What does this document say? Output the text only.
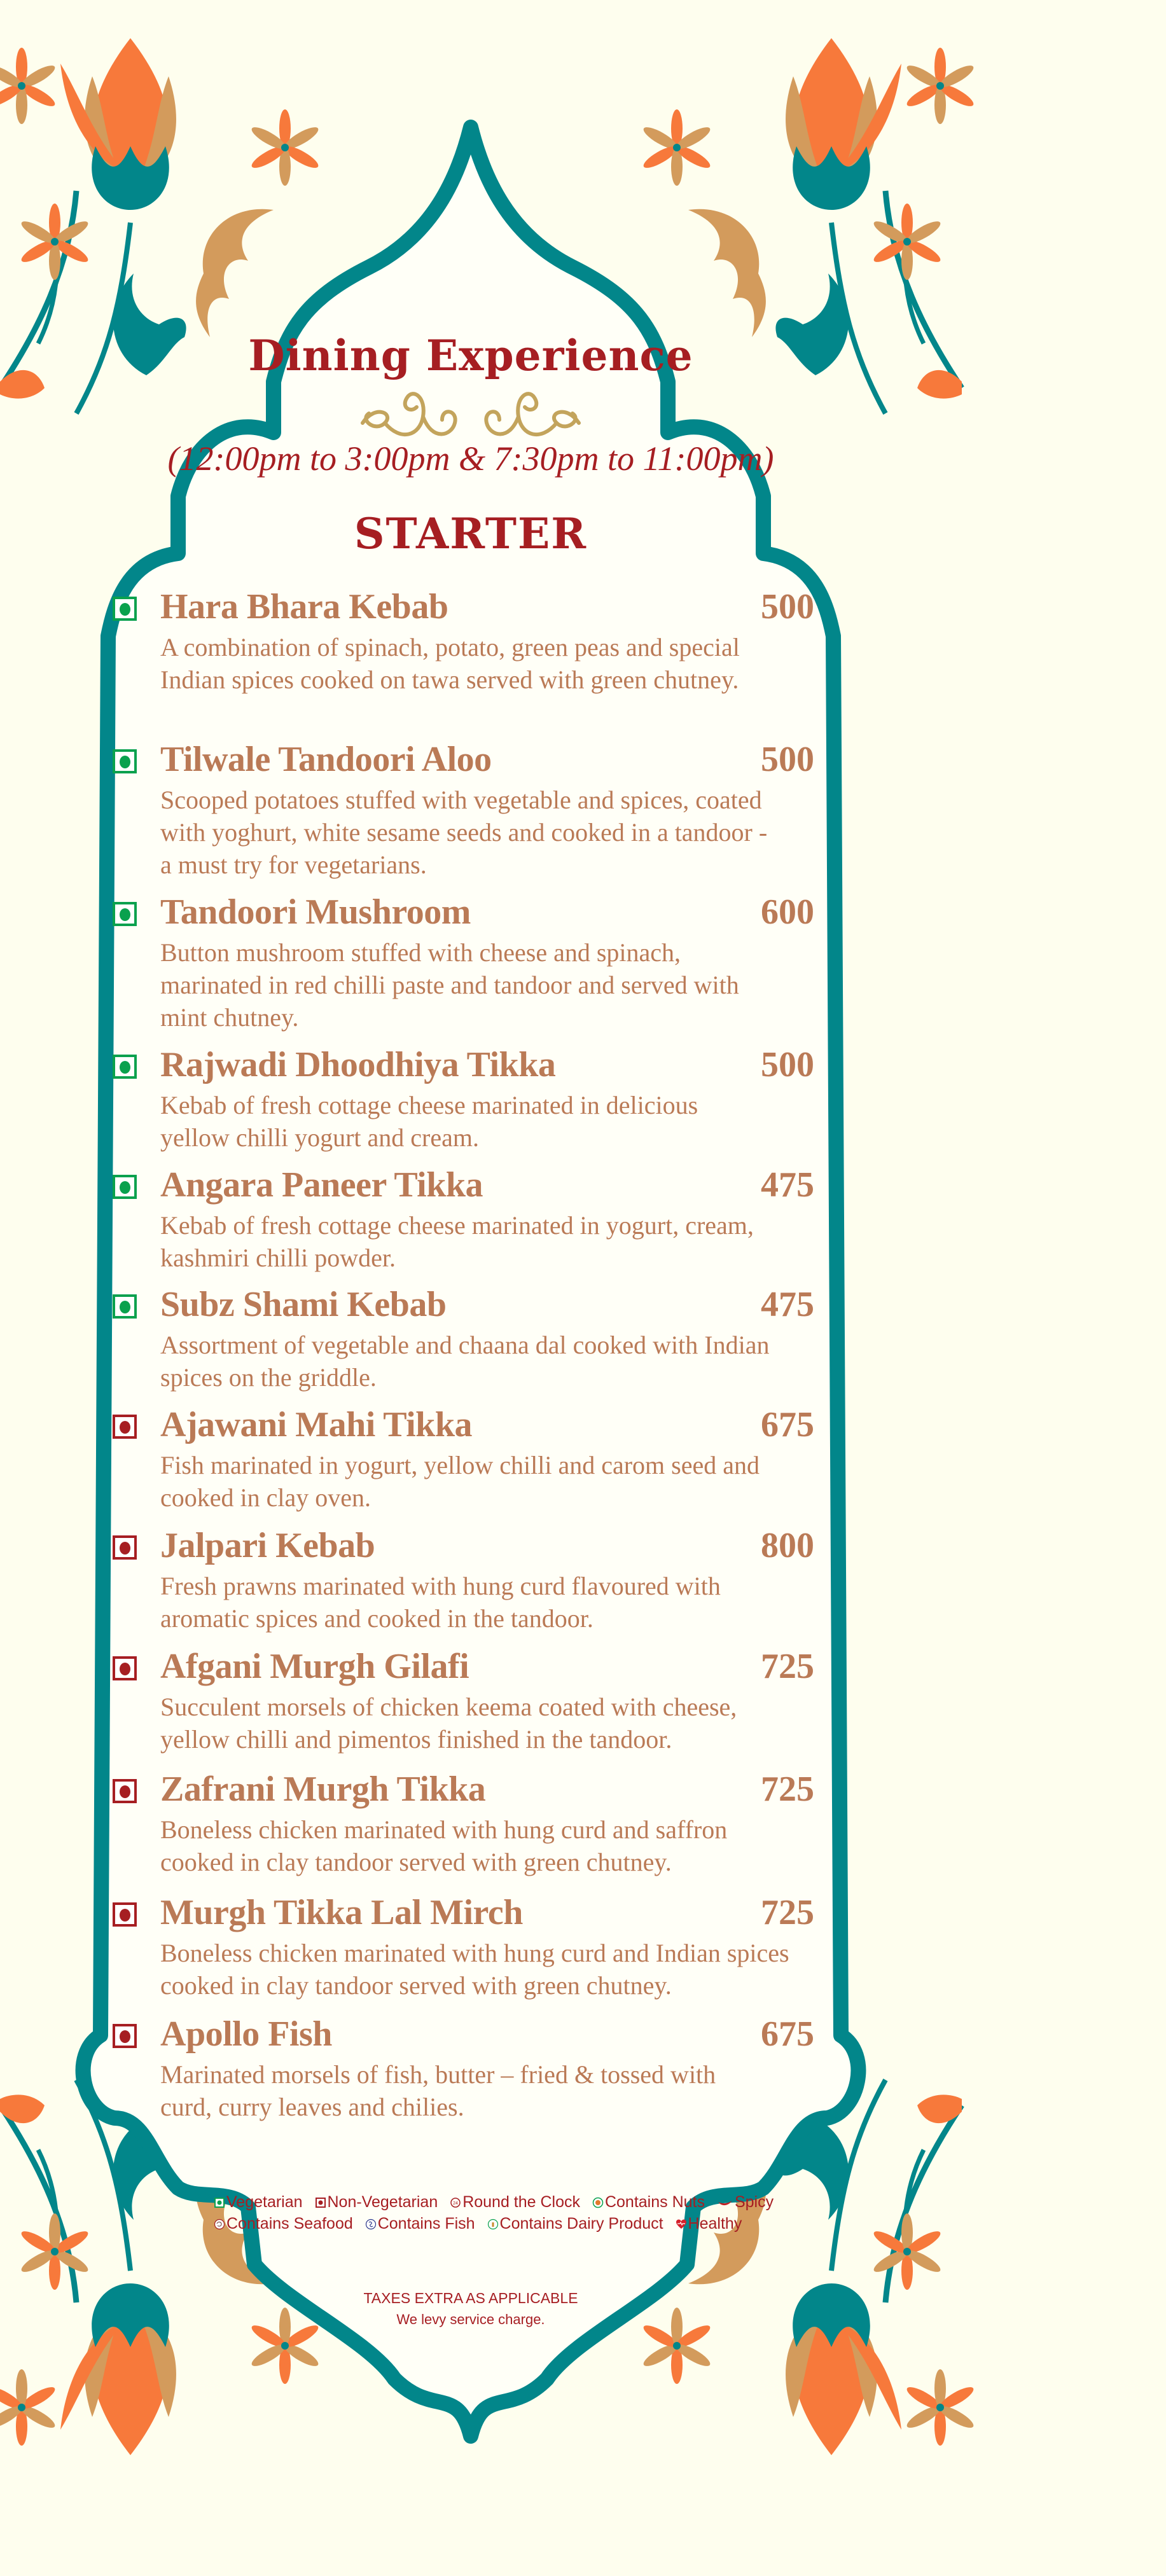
Dining Experience
(12:00pm to 3:00pm & 7:30pm to 11:00pm)
STARTER
Hara Bhara Kebab	500
A combination of spinach, potato, green peas and special Indian spices cooked on tawa served with green chutney.
Tilwale Tandoori Aloo	500
Scooped potatoes stuffed with vegetable and spices, coated with yoghurt, white sesame seeds and cooked in a tandoor - a must try for vegetarians.
Tandoori Mushroom	600
Button mushroom stuffed with cheese and spinach, marinated in red chilli paste and tandoor and served with mint chutney.
Rajwadi Dhoodhiya Tikka	500
Kebab of fresh cottage cheese marinated in delicious yellow chilli yogurt and cream.
Angara Paneer Tikka	475
Kebab of fresh cottage cheese marinated in yogurt, cream, kashmiri chilli powder.
Subz Shami Kebab	475
Assortment of vegetable and chaana dal cooked with Indian spices on the griddle.
Ajawani Mahi Tikka	675
Fish marinated in yogurt, yellow chilli and carom seed and cooked in clay oven.
Jalpari Kebab	800
Fresh prawns marinated with hung curd flavoured with aromatic spices and cooked in the tandoor.
Afgani Murgh Gilafi	725
Succulent morsels of chicken keema coated with cheese, yellow chilli and pimentos finished in the tandoor.
Zafrani Murgh Tikka	725
Boneless chicken marinated with hung curd and saffron cooked in clay tandoor served with green chutney.
Murgh Tikka Lal Mirch	725
Boneless chicken marinated with hung curd and Indian spices cooked in clay tandoor served with green chutney.
Apollo Fish	675
Marinated morsels of fish, butter – fried & tossed with curd, curry leaves and chilies.
Vegetarian Non-Vegetarian	24 Round the Clock Contains Nuts Spicy
Contains Seafood Contains Fish Contains Dairy Product Healthy
TAXES EXTRA AS APPLICABLE
We levy service charge.
